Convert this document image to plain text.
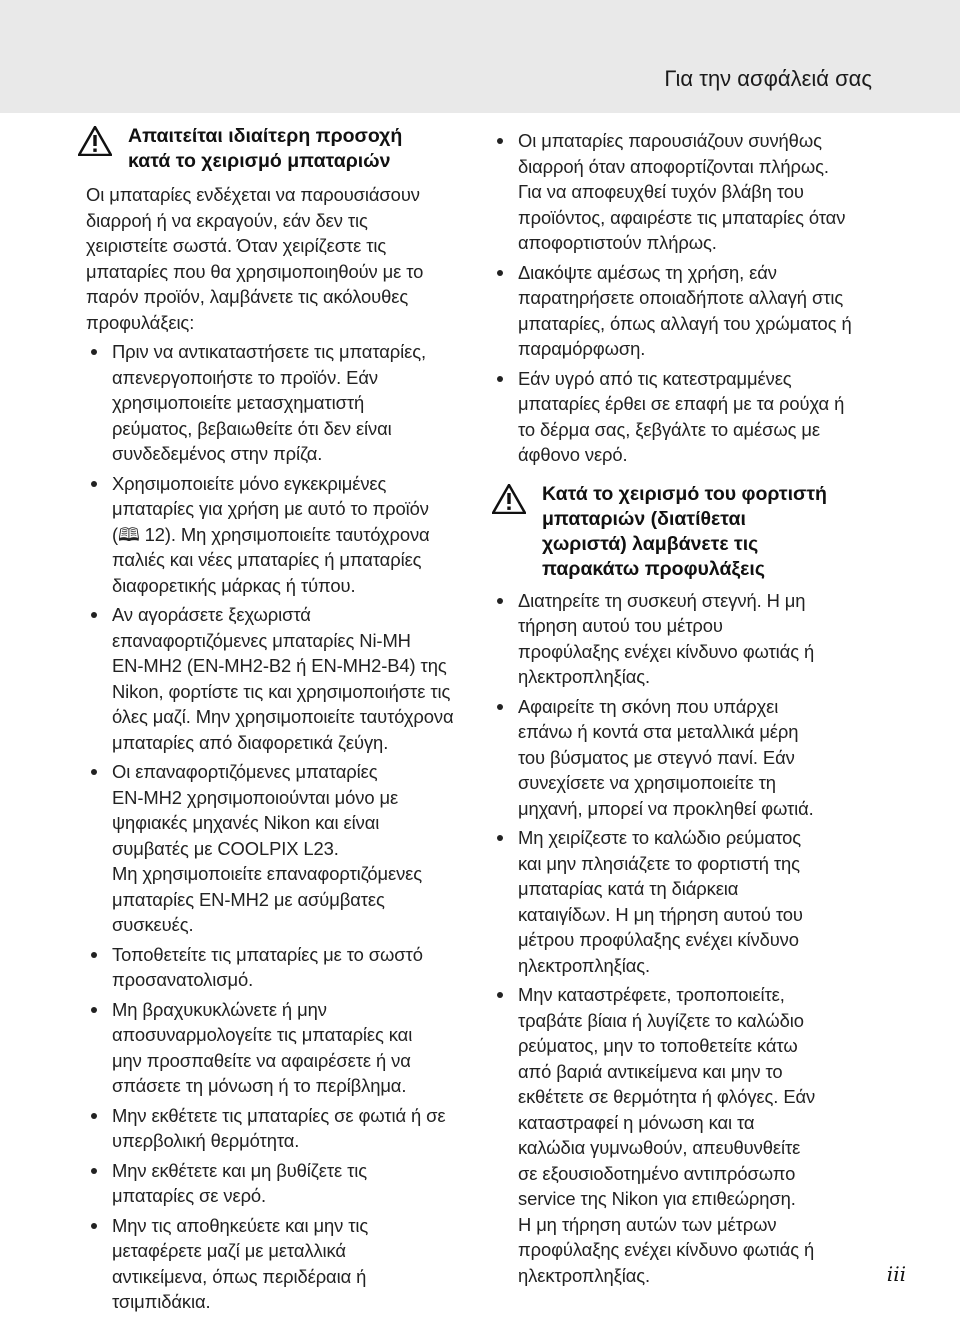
Για την ασφάλειά σας
Απαιτείται ιδιαίτερη προσοχή
κατά το χειρισμό μπαταριών

Οι μπαταρίες ενδέχεται να παρουσιάσουν
διαρροή ή να εκραγούν, εάν δεν τις
χειριστείτε σωστά. Όταν χειρίζεστε τις
μπαταρίες που θα χρησιμοποιηθούν με το
παρόν προϊόν, λαμβάνετε τις ακόλουθες
προφυλάξεις:

Πριν να αντικαταστήσετε τις μπαταρίες,
απενεργοποιήστε το προϊόν. Εάν
χρησιμοποιείτε μετασχηματιστή
ρεύματος, βεβαιωθείτε ότι δεν είναι
συνδεδεμένος στην πρίζα.
Χρησιμοποιείτε μόνο εγκεκριμένες
μπαταρίες για χρήση με αυτό το προϊόν
(🕮 12). Μη χρησιμοποιείτε ταυτόχρονα
παλιές και νέες μπαταρίες ή μπαταρίες
διαφορετικής μάρκας ή τύπου.
Αν αγοράσετε ξεχωριστά
επαναφορτιζόμενες μπαταρίες Ni-MH
EN-MH2 (EN-MH2-B2 ή EN-MH2-B4) της
Nikon, φορτίστε τις και χρησιμοποιήστε τις
όλες μαζί. Μην χρησιμοποιείτε ταυτόχρονα
μπαταρίες από διαφορετικά ζεύγη.
Οι επαναφορτιζόμενες μπαταρίες
EN-MH2 χρησιμοποιούνται μόνο με
ψηφιακές μηχανές Nikon και είναι
συμβατές με COOLPIX L23.
Μη χρησιμοποιείτε επαναφορτιζόμενες
μπαταρίες EN-MH2 με ασύμβατες
συσκευές.
Τοποθετείτε τις μπαταρίες με το σωστό
προσανατολισμό.
Μη βραχυκυκλώνετε ή μην
αποσυναρμολογείτε τις μπαταρίες και
μην προσπαθείτε να αφαιρέσετε ή να
σπάσετε τη μόνωση ή το περίβλημα.
Μην εκθέτετε τις μπαταρίες σε φωτιά ή σε
υπερβολική θερμότητα.
Μην εκθέτετε και μη βυθίζετε τις
μπαταρίες σε νερό.
Μην τις αποθηκεύετε και μην τις
μεταφέρετε μαζί με μεταλλικά
αντικείμενα, όπως περιδέραια ή
τσιμπιδάκια.
Οι μπαταρίες παρουσιάζουν συνήθως
διαρροή όταν αποφορτίζονται πλήρως.
Για να αποφευχθεί τυχόν βλάβη του
προϊόντος, αφαιρέστε τις μπαταρίες όταν
αποφορτιστούν πλήρως.
Διακόψτε αμέσως τη χρήση, εάν
παρατηρήσετε οποιαδήποτε αλλαγή στις
μπαταρίες, όπως αλλαγή του χρώματος ή
παραμόρφωση.
Εάν υγρό από τις κατεστραμμένες
μπαταρίες έρθει σε επαφή με τα ρούχα ή
το δέρμα σας, ξεβγάλτε το αμέσως με
άφθονο νερό.
Κατά το χειρισμό του φορτιστή
μπαταριών (διατίθεται
χωριστά) λαμβάνετε τις
παρακάτω προφυλάξεις
Διατηρείτε τη συσκευή στεγνή. Η μη
τήρηση αυτού του μέτρου
προφύλαξης ενέχει κίνδυνο φωτιάς ή
ηλεκτροπληξίας.
Αφαιρείτε τη σκόνη που υπάρχει
επάνω ή κοντά στα μεταλλικά μέρη
του βύσματος με στεγνό πανί. Εάν
συνεχίσετε να χρησιμοποιείτε τη
μηχανή, μπορεί να προκληθεί φωτιά.
Μη χειρίζεστε το καλώδιο ρεύματος
και μην πλησιάζετε το φορτιστή της
μπαταρίας κατά τη διάρκεια
καταιγίδων. Η μη τήρηση αυτού του
μέτρου προφύλαξης ενέχει κίνδυνο
ηλεκτροπληξίας.
Μην καταστρέφετε, τροποποιείτε,
τραβάτε βίαια ή λυγίζετε το καλώδιο
ρεύματος, μην το τοποθετείτε κάτω
από βαριά αντικείμενα και μην το
εκθέτετε σε θερμότητα ή φλόγες. Εάν
καταστραφεί η μόνωση και τα
καλώδια γυμνωθούν, απευθυνθείτε
σε εξουσιοδοτημένο αντιπρόσωπο
service της Nikon για επιθεώρηση.
Η μη τήρηση αυτών των μέτρων
προφύλαξης ενέχει κίνδυνο φωτιάς ή
ηλεκτροπληξίας.	iii
